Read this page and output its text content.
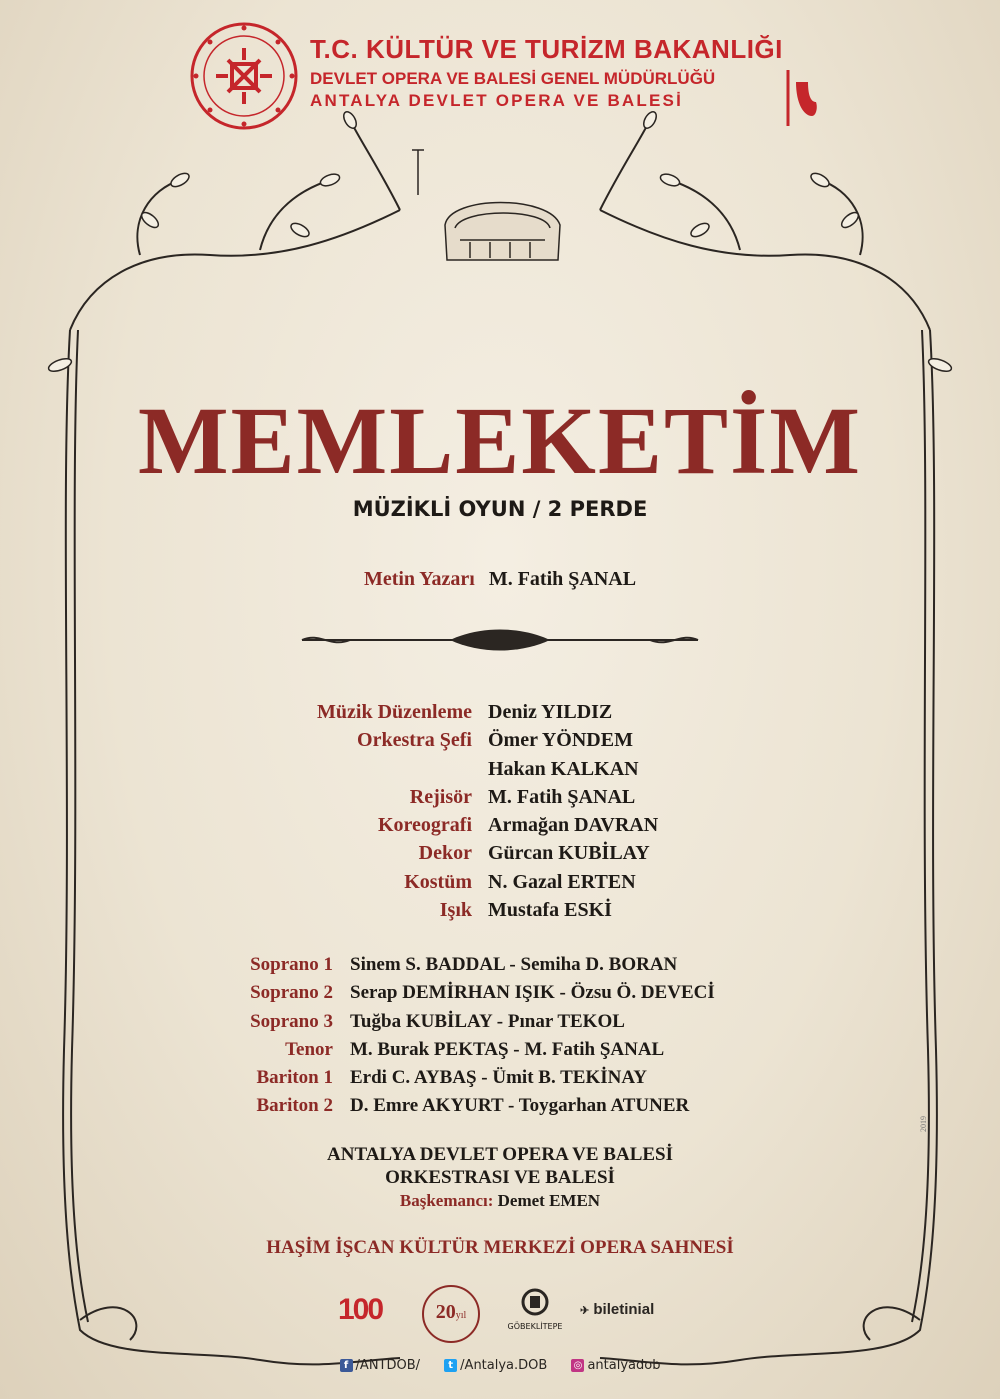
T.C. KÜLTÜR VE TURİZM BAKANLIĞI
DEVLET OPERA VE BALESİ GENEL MÜDÜRLÜĞÜ
ANTALYA DEVLET OPERA VE BALESİ
MEMLEKETİM
MÜZİKLİ OYUN / 2 PERDE
Metin Yazarı M. Fatih ŞANAL
Müzik Düzenleme Deniz YILDIZ
Orkestra Şefi Ömer YÖNDEM
Hakan KALKAN
Rejisör M. Fatih ŞANAL
Koreografi Armağan DAVRAN
Dekor Gürcan KUBİLAY
Kostüm N. Gazal ERTEN
Işık Mustafa ESKİ
Soprano 1 Sinem S. BADDAL - Semiha D. BORAN
Soprano 2 Serap DEMİRHAN IŞIK - Özsu Ö. DEVECİ
Soprano 3 Tuğba KUBİLAY - Pınar TEKOL
Tenor M. Burak PEKTAŞ - M. Fatih ŞANAL
Bariton 1 Erdi C. AYBAŞ - Ümit B. TEKİNAY
Bariton 2 D. Emre AKYURT - Toygarhan ATUNER
ANTALYA DEVLET OPERA VE BALESİ
ORKESTRASI VE BALESİ
Başkemancı: Demet EMEN
HAŞİM İŞCAN KÜLTÜR MERKEZİ OPERA SAHNESİ
100	20yıl
GÖBEKLİTEPE
✈ biletinial
f /ANTDOB/	t /Antalya.DOB	◎ antalyadob
2019
